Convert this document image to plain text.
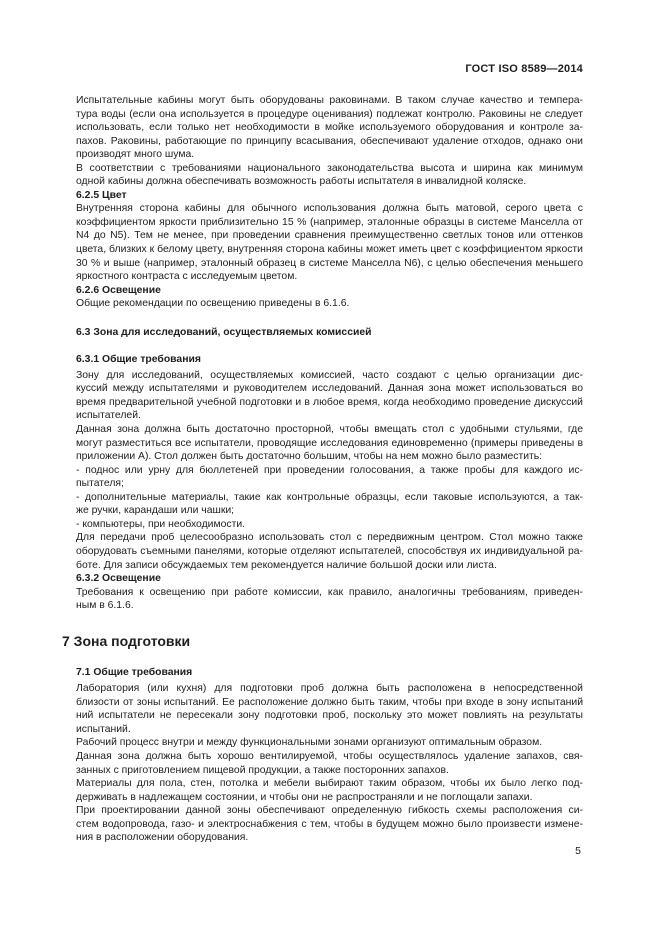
ГОСТ ISO 8589—2014
Испытательные кабины могут быть оборудованы раковинами. В таком случае качество и темпера-
тура воды (если она используется в процедуре оценивания) подлежат контролю. Раковины не следует
использовать, если только нет необходимости в мойке используемого оборудования и контроле за-
пахов. Раковины, работающие по принципу всасывания, обеспечивают удаление отходов, однако они
производят много шума.
В соответствии с требованиями национального законодательства высота и ширина как минимум
одной кабины должна обеспечивать возможность работы испытателя в инвалидной коляске.
6.2.5 Цвет
Внутренняя сторона кабины для обычного использования должна быть матовой, серого цвета с
коэффициентом яркости приблизительно 15 % (например, эталонные образцы в системе Манселла от
N4 до N5). Тем не менее, при проведении сравнения преимущественно светлых тонов или оттенков
цвета, близких к белому цвету, внутренняя сторона кабины может иметь цвет с коэффициентом яркости
30 % и выше (например, эталонный образец в системе Манселла N6), с целью обеспечения меньшего
яркостного контраста с исследуемым цветом.
6.2.6 Освещение
Общие рекомендации по освещению приведены в 6.1.6.
6.3 Зона для исследований, осуществляемых комиссией
6.3.1 Общие требования
Зону для исследований, осуществляемых комиссией, часто создают с целью организации дис-
куссий между испытателями и руководителем исследований. Данная зона может использоваться во
время предварительной учебной подготовки и в любое время, когда необходимо проведение дискуссий
испытателей.
Данная зона должна быть достаточно просторной, чтобы вмещать стол с удобными стульями, где
могут разместиться все испытатели, проводящие исследования единовременно (примеры приведены в
приложении А). Стол должен быть достаточно большим, чтобы на нем можно было разместить:
- поднос или урну для бюллетеней при проведении голосования, а также пробы для каждого ис-
пытателя;
- дополнительные материалы, такие как контрольные образцы, если таковые используются, а так-
же ручки, карандаши или чашки;
- компьютеры, при необходимости.
Для передачи проб целесообразно использовать стол с передвижным центром. Стол можно также
оборудовать съемными панелями, которые отделяют испытателей, способствуя их индивидуальной ра-
боте. Для записи обсуждаемых тем рекомендуется наличие большой доски или листа.
6.3.2 Освещение
Требования к освещению при работе комиссии, как правило, аналогичны требованиям, приведен-
ным в 6.1.6.
7 Зона подготовки
7.1 Общие требования
Лаборатория (или кухня) для подготовки проб должна быть расположена в непосредственной
близости от зоны испытаний. Ее расположение должно быть таким, чтобы при входе в зону испытаний
ний испытатели не пересекали зону подготовки проб, поскольку это может повлиять на результаты
испытаний.
Рабочий процесс внутри и между функциональными зонами организуют оптимальным образом.
Данная зона должна быть хорошо вентилируемой, чтобы осуществлялось удаление запахов, свя-
занных с приготовлением пищевой продукции, а также посторонних запахов.
Материалы для пола, стен, потолка и мебели выбирают таким образом, чтобы их было легко под-
держивать в надлежащем состоянии, и чтобы они не распространяли и не поглощали запахи.
При проектировании данной зоны обеспечивают определенную гибкость схемы расположения си-
стем водопровода, газо- и электроснабжения с тем, чтобы в будущем можно было произвести измене-
ния в расположении оборудования.
5
